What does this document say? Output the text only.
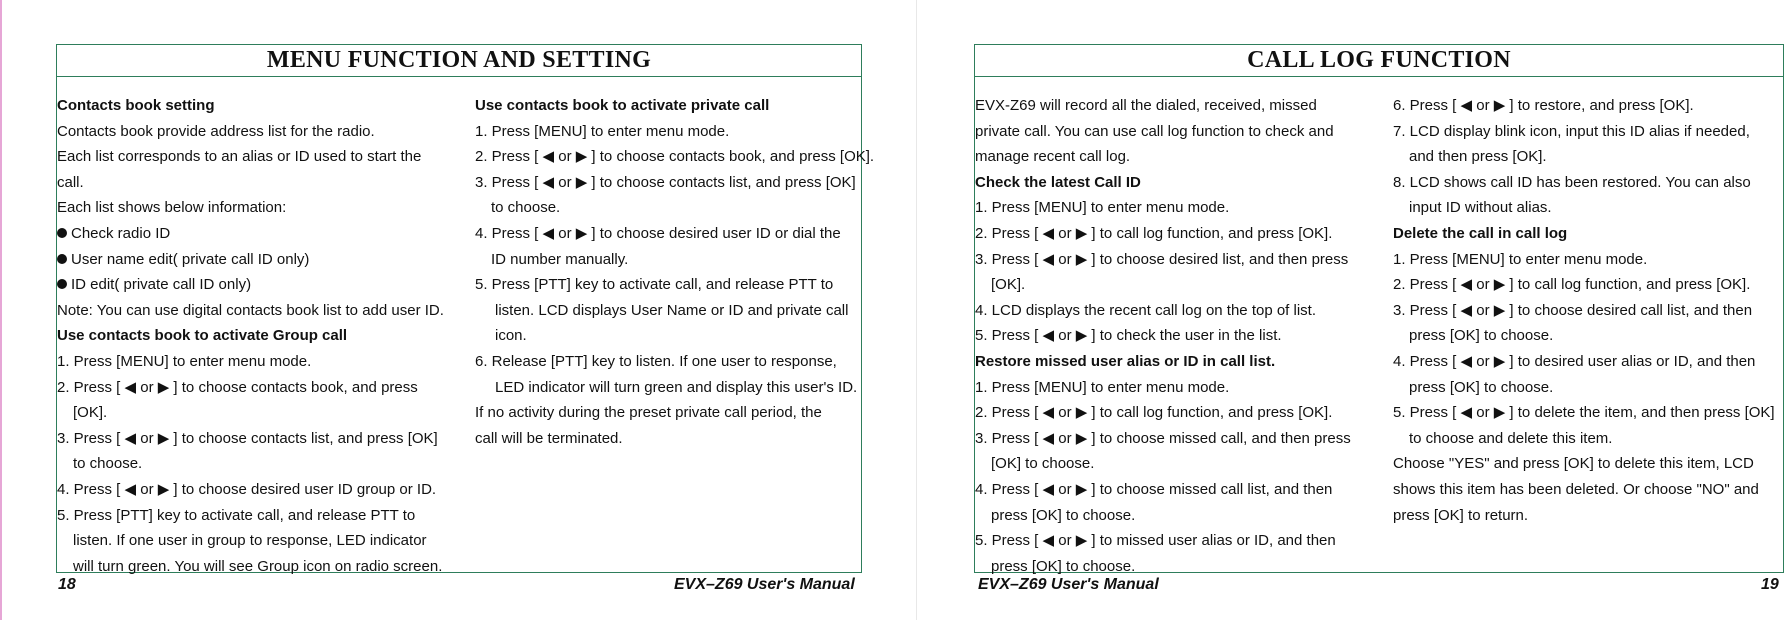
MENU FUNCTION AND SETTING
Contacts book setting
Contacts book provide address list for the radio.
Each list corresponds to an alias or ID used to start the
call.
Each list shows below information:
Check radio ID
User name edit( private call ID only)
ID edit( private call ID only)
Note: You can use digital contacts book list to add user ID.
Use contacts book to activate Group call
1. Press [MENU] to enter menu mode.
2. Press [ ◀ or ▶ ] to choose contacts book, and press
[OK].
3. Press [ ◀ or ▶ ] to choose contacts list, and press [OK]
to choose.
4. Press [ ◀ or ▶ ] to choose desired user ID group or ID.
5. Press [PTT] key to activate call, and release PTT to
listen. If one user in group to response, LED indicator
will turn green. You will see Group icon on radio screen.
Use contacts book to activate private call
1. Press [MENU] to enter menu mode.
2. Press [ ◀ or ▶ ] to choose contacts book, and press [OK].
3. Press [ ◀ or ▶ ] to choose contacts list, and press [OK]
to choose.
4. Press [ ◀ or ▶ ] to choose desired user ID or dial the
ID number manually.
5. Press [PTT] key to activate call, and release PTT to
listen. LCD displays User Name or ID and private call
icon.
6. Release [PTT] key to listen. If one user to response,
LED indicator will turn green and display this user's ID.
If no activity during the preset private call period, the
call will be terminated.
CALL LOG FUNCTION
EVX-Z69 will record all the dialed, received, missed
private call. You can use call log function to check and
manage recent call log.
Check the latest Call ID
1. Press [MENU] to enter menu mode.
2. Press [ ◀ or ▶ ] to call log function, and press [OK].
3. Press [ ◀ or ▶ ] to choose desired list, and then press
[OK].
4. LCD displays the recent call log on the top of list.
5. Press [ ◀ or ▶ ] to check the user in the list.
Restore missed user alias or ID in call list.
1. Press [MENU] to enter menu mode.
2. Press [ ◀ or ▶ ] to call log function, and press [OK].
3. Press [ ◀ or ▶ ] to choose missed call, and then press
[OK] to choose.
4. Press [ ◀ or ▶ ] to choose missed call list, and then
press [OK] to choose.
5. Press [ ◀ or ▶ ] to missed user alias or ID, and then
press [OK] to choose.
6. Press [ ◀ or ▶ ] to restore, and press [OK].
7. LCD display blink icon, input this ID alias if needed,
and then press [OK].
8. LCD shows call ID has been restored. You can also
input ID without alias.
Delete the call in call log
1. Press [MENU] to enter menu mode.
2. Press [ ◀ or ▶ ] to call log function, and press [OK].
3. Press [ ◀ or ▶ ] to choose desired call list, and then
press [OK] to choose.
4. Press [ ◀ or ▶ ] to desired user alias or ID, and then
press [OK] to choose.
5. Press [ ◀ or ▶ ] to delete the item, and then press [OK]
to choose and delete this item.
Choose "YES" and press [OK] to delete this item, LCD
shows this item has been deleted. Or choose "NO" and
press [OK] to return.
18	EVX–Z69 User's Manual	EVX–Z69 User's Manual	19
